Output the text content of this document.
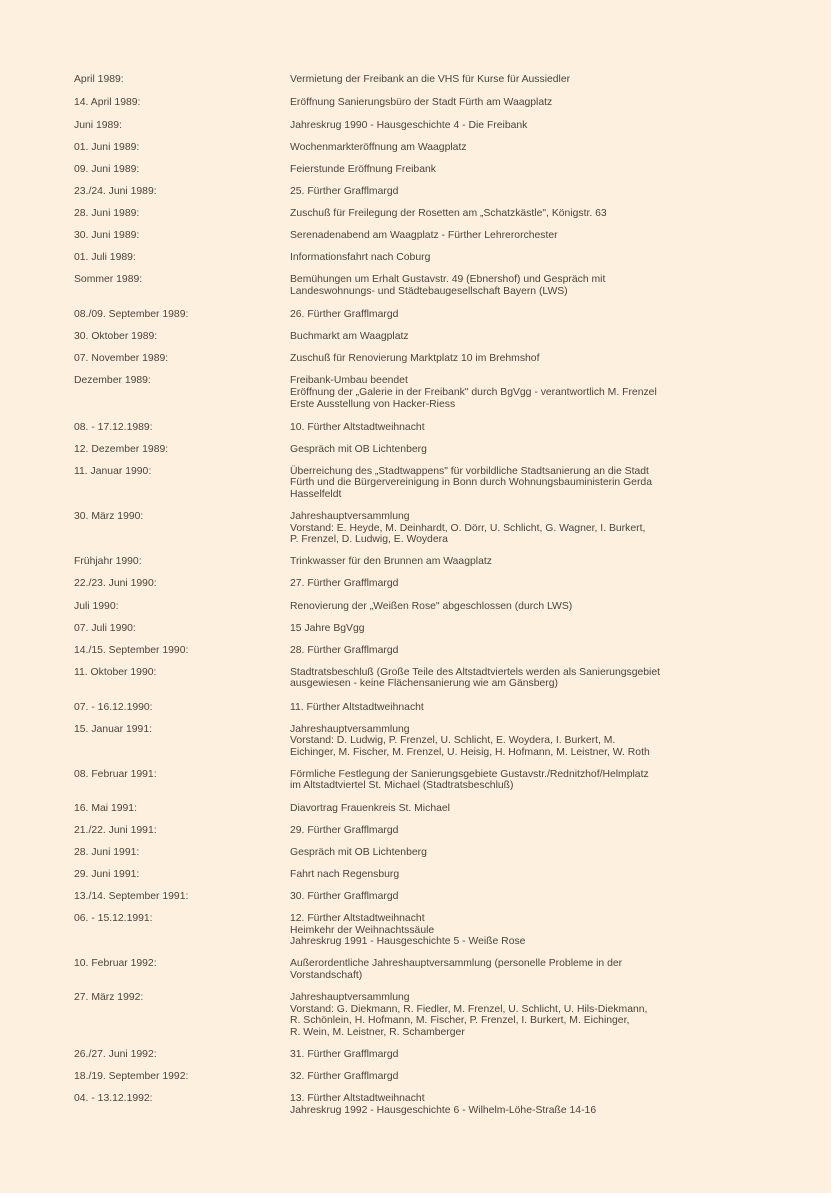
April 1989:	Vermietung der Freibank an die VHS für Kurse für Aussiedler
14. April 1989:	Eröffnung Sanierungsbüro der Stadt Fürth am Waagplatz
Juni 1989:	Jahreskrug 1990 - Hausgeschichte 4 - Die Freibank
01. Juni 1989:	Wochenmarkteröffnung am Waagplatz
09. Juni 1989:	Feierstunde Eröffnung Freibank
23./24. Juni 1989:	25. Fürther Grafflmargd
28. Juni 1989:	Zuschuß für Freilegung der Rosetten am „Schatzkästle", Königstr. 63
30. Juni 1989:	Serenadenabend am Waagplatz - Fürther Lehrerorchester
01. Juli 1989:	Informationsfahrt nach Coburg
Sommer 1989:	Bemühungen um Erhalt Gustavstr. 49 (Ebnershof) und Gespräch mit
Landeswohnungs- und Städtebaugesellschaft Bayern (LWS)
08./09. September 1989:	26. Fürther Grafflmargd
30. Oktober 1989:	Buchmarkt am Waagplatz
07. November 1989:	Zuschuß für Renovierung Marktplatz 10 im Brehmshof
Dezember 1989:	Freibank-Umbau beendet
Eröffnung der „Galerie in der Freibank" durch BgVgg - verantwortlich M. Frenzel
Erste Ausstellung von Hacker-Riess
08. - 17.12.1989:	10. Fürther Altstadtweihnacht
12. Dezember 1989:	Gespräch mit OB Lichtenberg
11. Januar 1990:	Überreichung des „Stadtwappens" für vorbildliche Stadtsanierung an die Stadt
Fürth und die Bürgervereinigung in Bonn durch Wohnungsbauministerin Gerda
Hasselfeldt
30. März 1990:	Jahreshauptversammlung
Vorstand: E. Heyde, M. Deinhardt, O. Dörr, U. Schlicht, G. Wagner, I. Burkert,
P. Frenzel, D. Ludwig, E. Woydera
Frühjahr 1990:	Trinkwasser für den Brunnen am Waagplatz
22./23. Juni 1990:	27. Fürther Grafflmargd
Juli 1990:	Renovierung der „Weißen Rose" abgeschlossen (durch LWS)
07. Juli 1990:	15 Jahre BgVgg
14./15. September 1990:	28. Fürther Grafflmargd
11. Oktober 1990:	Stadtratsbeschluß (Große Teile des Altstadtviertels werden als Sanierungsgebiet
ausgewiesen - keine Flächensanierung wie am Gänsberg)
07. - 16.12.1990:	11. Fürther Altstadtweihnacht
15. Januar 1991:	Jahreshauptversammlung
Vorstand: D. Ludwig, P. Frenzel, U. Schlicht, E. Woydera, I. Burkert, M.
Eichinger, M. Fischer, M. Frenzel, U. Heisig, H. Hofmann, M. Leistner, W. Roth
08. Februar 1991:	Förmliche Festlegung der Sanierungsgebiete Gustavstr./Rednitzhof/Helmplatz
im Altstadtviertel St. Michael (Stadtratsbeschluß)
16. Mai 1991:	Diavortrag Frauenkreis St. Michael
21./22. Juni 1991:	29. Fürther Grafflmargd
28. Juni 1991:	Gespräch mit OB Lichtenberg
29. Juni 1991:	Fahrt nach Regensburg
13./14. September 1991:	30. Fürther Grafflmargd
06. - 15.12.1991:	12. Fürther Altstadtweihnacht
Heimkehr der Weihnachtssäule
Jahreskrug 1991 - Hausgeschichte 5 - Weiße Rose
10. Februar 1992:	Außerordentliche Jahreshauptversammlung (personelle Probleme in der
Vorstandschaft)
27. März 1992:	Jahreshauptversammlung
Vorstand: G. Diekmann, R. Fiedler, M. Frenzel, U. Schlicht, U. Hils-Diekmann,
R. Schönlein, H. Hofmann, M. Fischer, P. Frenzel, I. Burkert, M. Eichinger,
R. Wein, M. Leistner, R. Schamberger
26./27. Juni 1992:	31. Fürther Grafflmargd
18./19. September 1992:	32. Fürther Grafflmargd
04. - 13.12.1992:	13. Fürther Altstadtweihnacht
Jahreskrug 1992 - Hausgeschichte 6 - Wilhelm-Löhe-Straße 14-16
